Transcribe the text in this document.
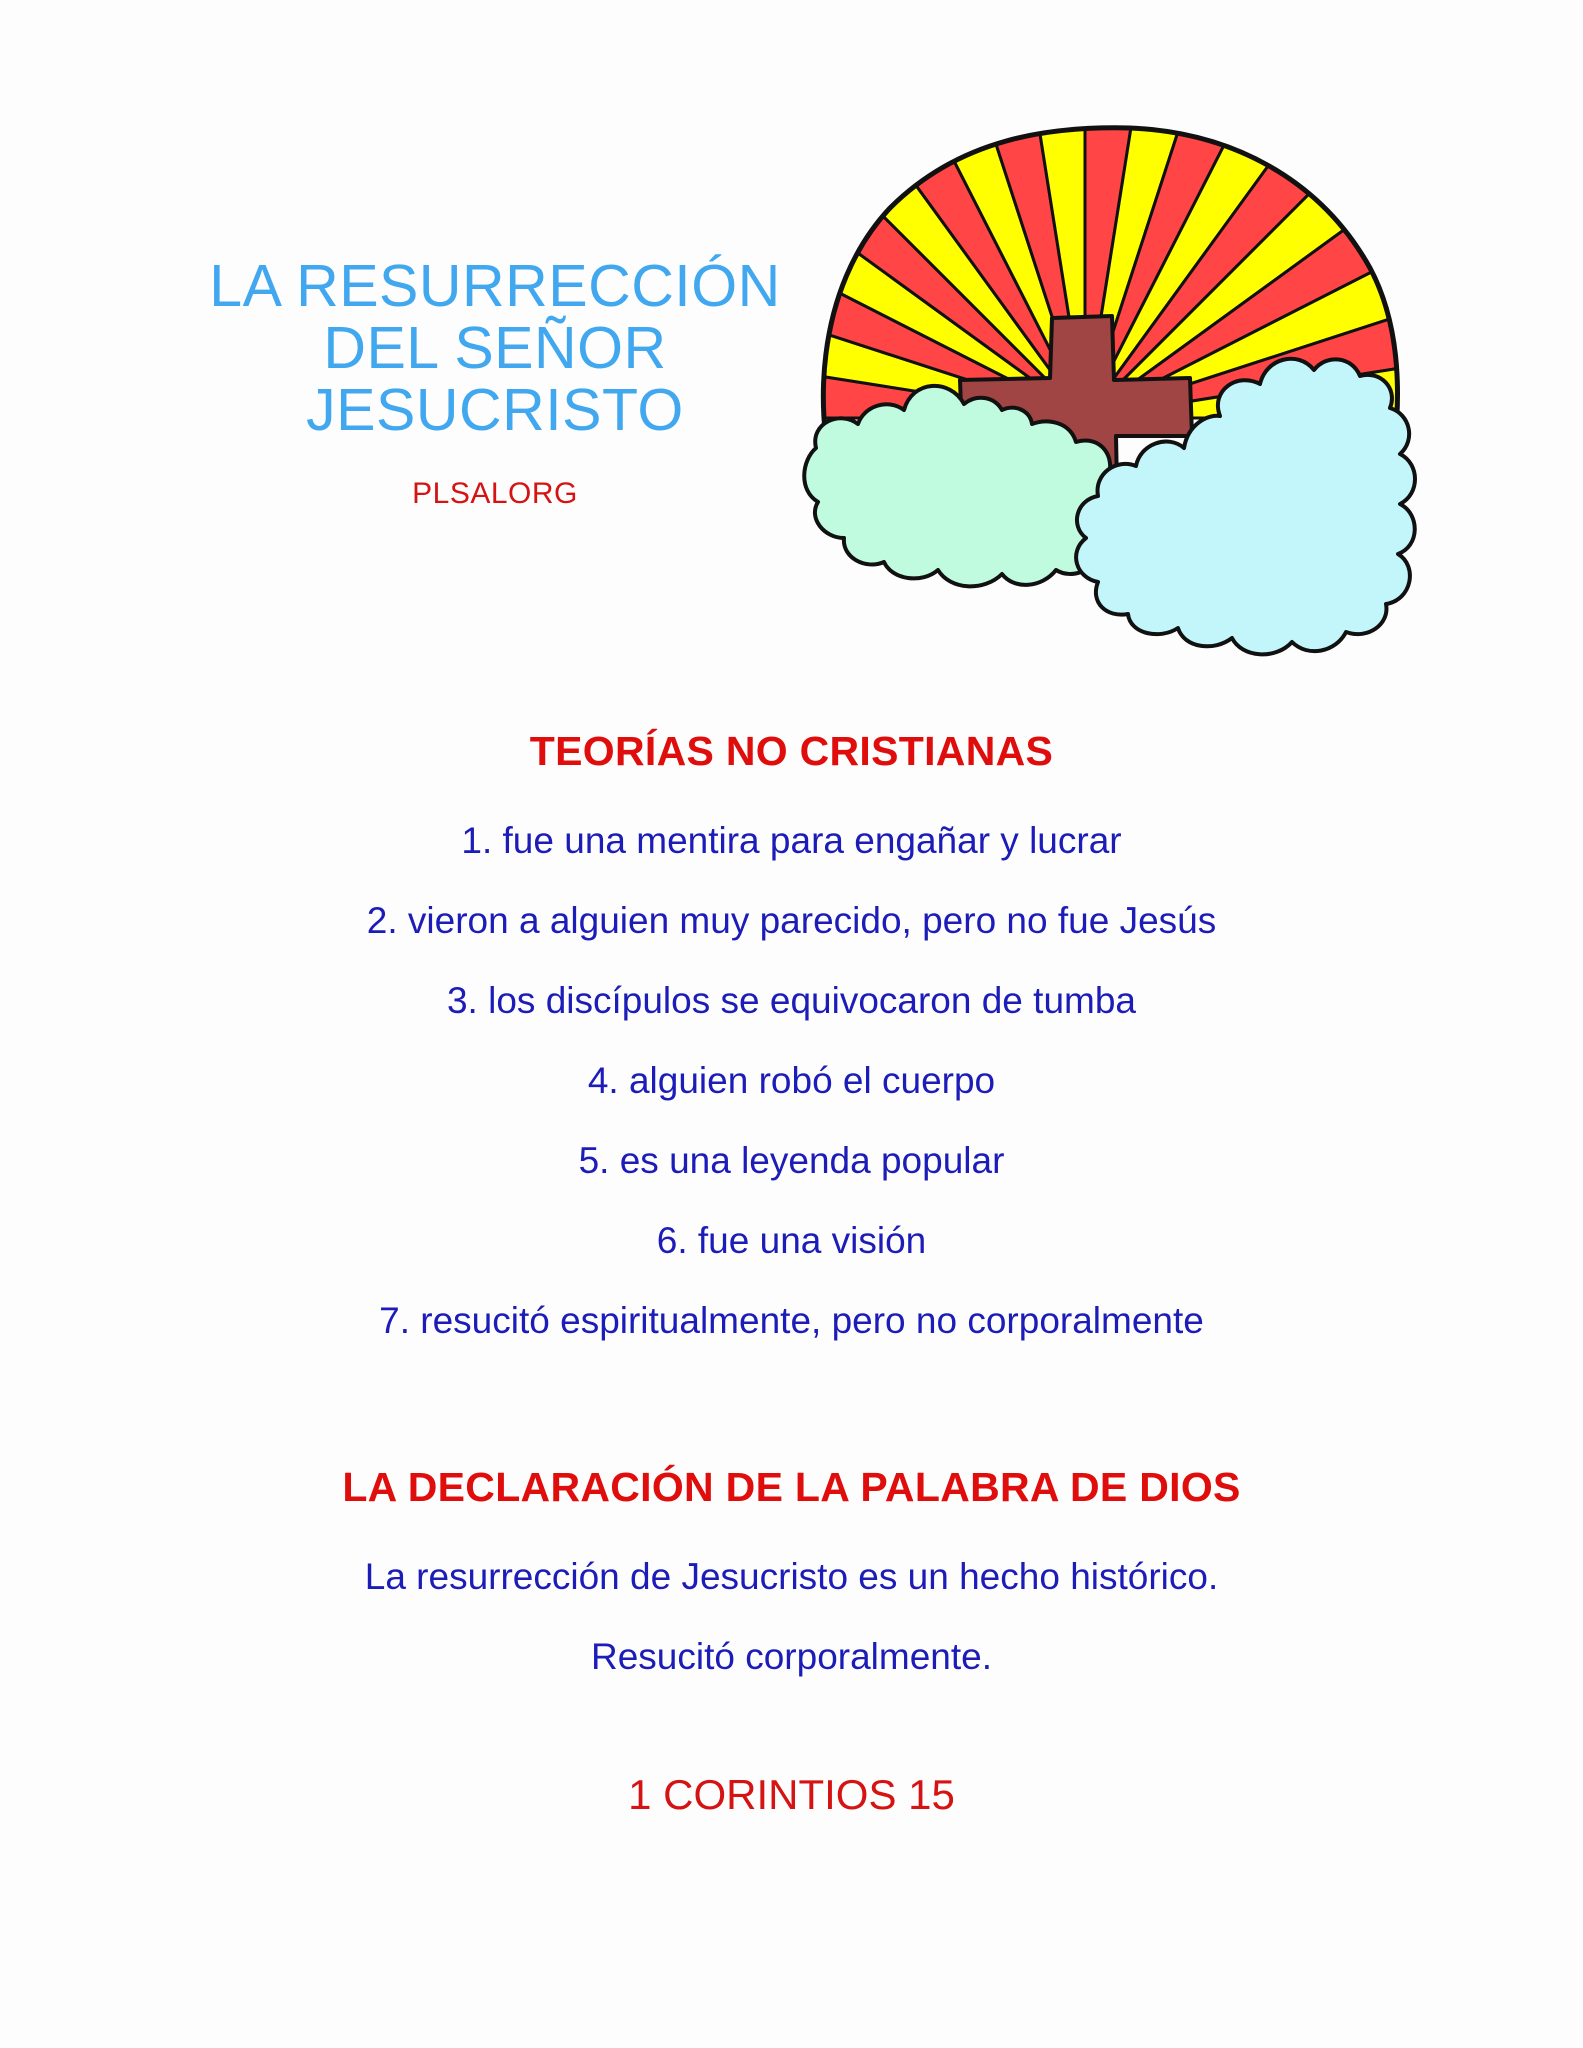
LA RESURRECCIÓN
DEL SEÑOR
JESUCRISTO
PLSALORG
TEORÍAS NO CRISTIANAS
1. fue una mentira para engañar y lucrar
2. vieron a alguien muy parecido, pero no fue Jesús
3. los discípulos se equivocaron de tumba
4. alguien robó el cuerpo
5. es una leyenda popular
6. fue una visión
7. resucitó espiritualmente, pero no corporalmente
LA DECLARACIÓN DE LA PALABRA DE DIOS
La resurrección de Jesucristo es un hecho histórico.
Resucitó corporalmente.
1 CORINTIOS 15
